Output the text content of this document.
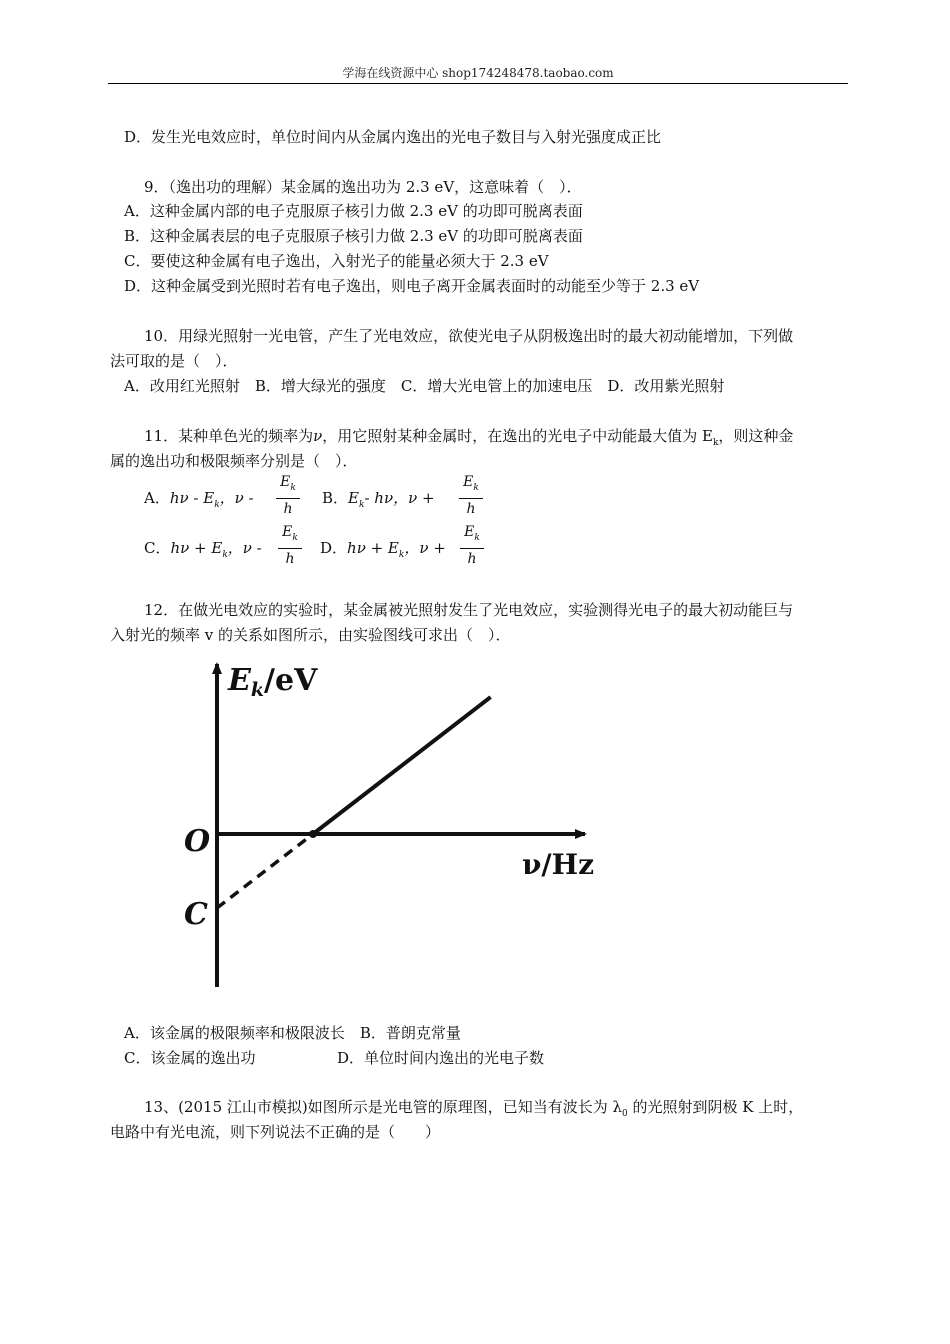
学海在线资源中心 shop174248478.taobao.com
D．发生光电效应时，单位时间内从金属内逸出的光电子数目与入射光强度成正比
9．（逸出功的理解）某金属的逸出功为 2.3 eV，这意味着（　）．
A．这种金属内部的电子克服原子核引力做 2.3 eV 的功即可脱离表面
B．这种金属表层的电子克服原子核引力做 2.3 eV 的功即可脱离表面
C．要使这种金属有电子逸出，入射光子的能量必须大于 2.3 eV
D．这种金属受到光照时若有电子逸出，则电子离开金属表面时的动能至少等于 2.3 eV
10．用绿光照射一光电管，产生了光电效应，欲使光电子从阴极逸出时的最大初动能增加，下列做
法可取的是（　）．
A．改用红光照射　B．增大绿光的强度　C．增大光电管上的加速电压　D．改用紫光照射
11．某种单色光的频率为ν，用它照射某种金属时，在逸出的光电子中动能最大值为 $E_k$，则这种金
属的逸出功和极限频率分别是（　）．
A．hν - $E_k$，ν -
$E_k$
h
B．$E_k-$ hν，ν +
$E_k$
h
C．$h\nu + E_k$，ν -
$E_k$
h
D．$h\nu + E_k$，ν +
$E_k$
h
12．在做光电效应的实验时，某金属被光照射发生了光电效应，实验测得光电子的最大初动能巨与
入射光的频率 v 的关系如图所示，由实验图线可求出（　）．
$E_k/eV$
O
C
ν/Hz
A．该金属的极限频率和极限波长　B．普朗克常量
C．该金属的逸出功	D．单位时间内逸出的光电子数
13、(2015 江山市模拟)如图所示是光电管的原理图，已知当有波长为 $\lambda_0$ 的光照射到阴极 K 上时，
电路中有光电流，则下列说法不正确的是（　　）
